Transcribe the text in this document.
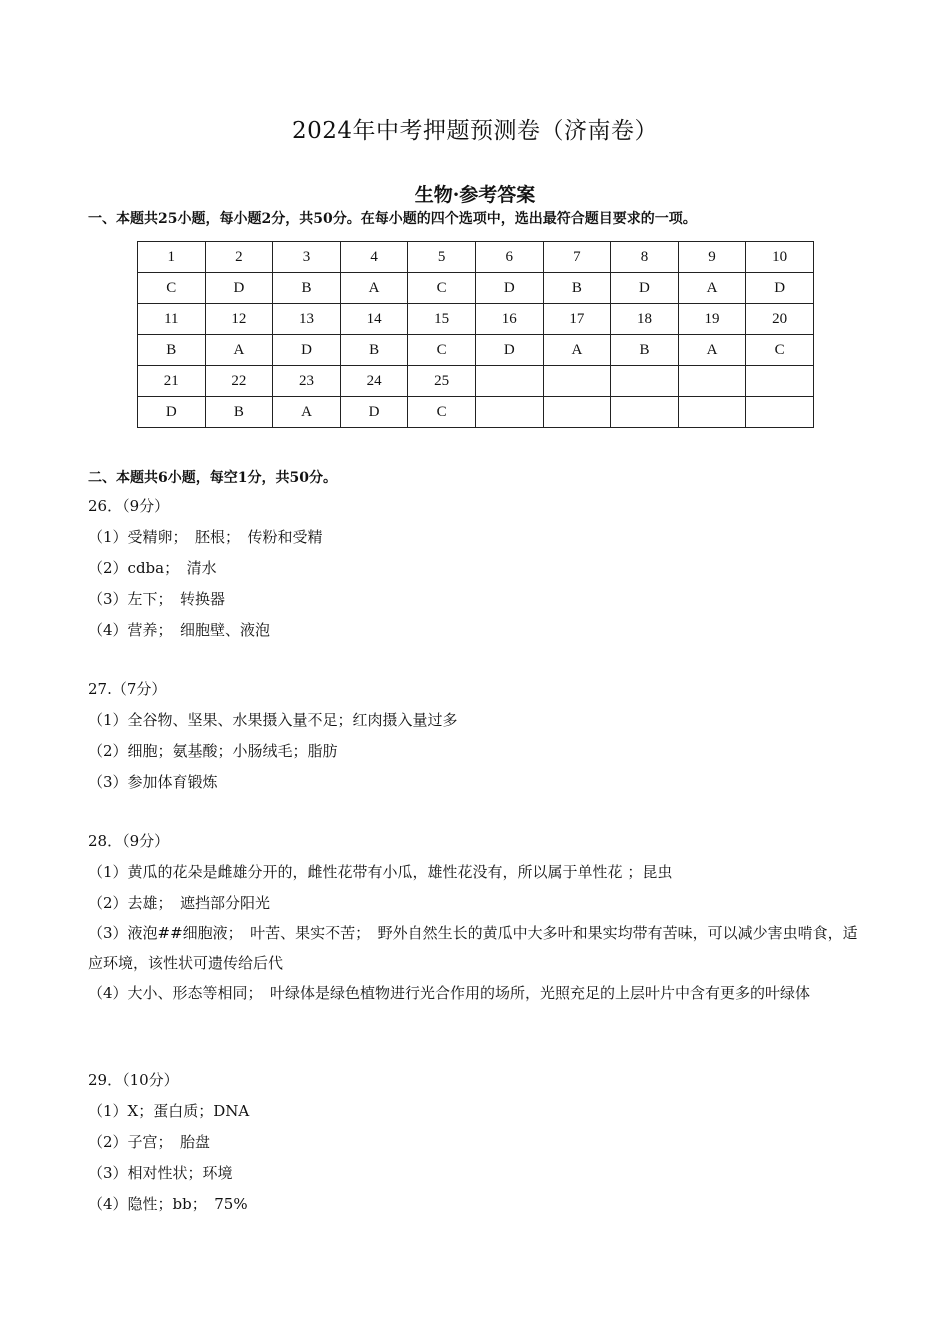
2024年中考押题预测卷（济南卷）
生物·参考答案
一、本题共25小题，每小题2分，共50分。在每小题的四个选项中，选出最符合题目要求的一项。
1	2	3	4	5	6	7	8	9	10
C	D	B	A	C	D	B	D	A	D
11	12	13	14	15	16	17	18	19	20
B	A	D	B	C	D	A	B	A	C
21	22	23	24	25					
D	B	A	D	C					
二、本题共6小题，每空1分，共50分。
26．（9分）
（1）受精卵；　胚根；　传粉和受精
（2）cdba；　清水
（3）左下；　转换器
（4）营养；　细胞壁、液泡
27.（7分）
（1）全谷物、坚果、水果摄入量不足；红肉摄入量过多
（2）细胞；氨基酸；小肠绒毛；脂肪
（3）参加体育锻炼
28．（9分）
（1）黄瓜的花朵是雌雄分开的，雌性花带有小瓜，雄性花没有，所以属于单性花 ；昆虫
（2）去雄；　遮挡部分阳光
（3）液泡##细胞液；　叶苦、果实不苦；　野外自然生长的黄瓜中大多叶和果实均带有苦味，可以减少害虫啃食，适应环境，该性状可遗传给后代
（4）大小、形态等相同；　叶绿体是绿色植物进行光合作用的场所，光照充足的上层叶片中含有更多的叶绿体
29．（10分）
（1）X；蛋白质；DNA
（2）子宫；　胎盘
（3）相对性状；环境
（4）隐性；bb；　75%
